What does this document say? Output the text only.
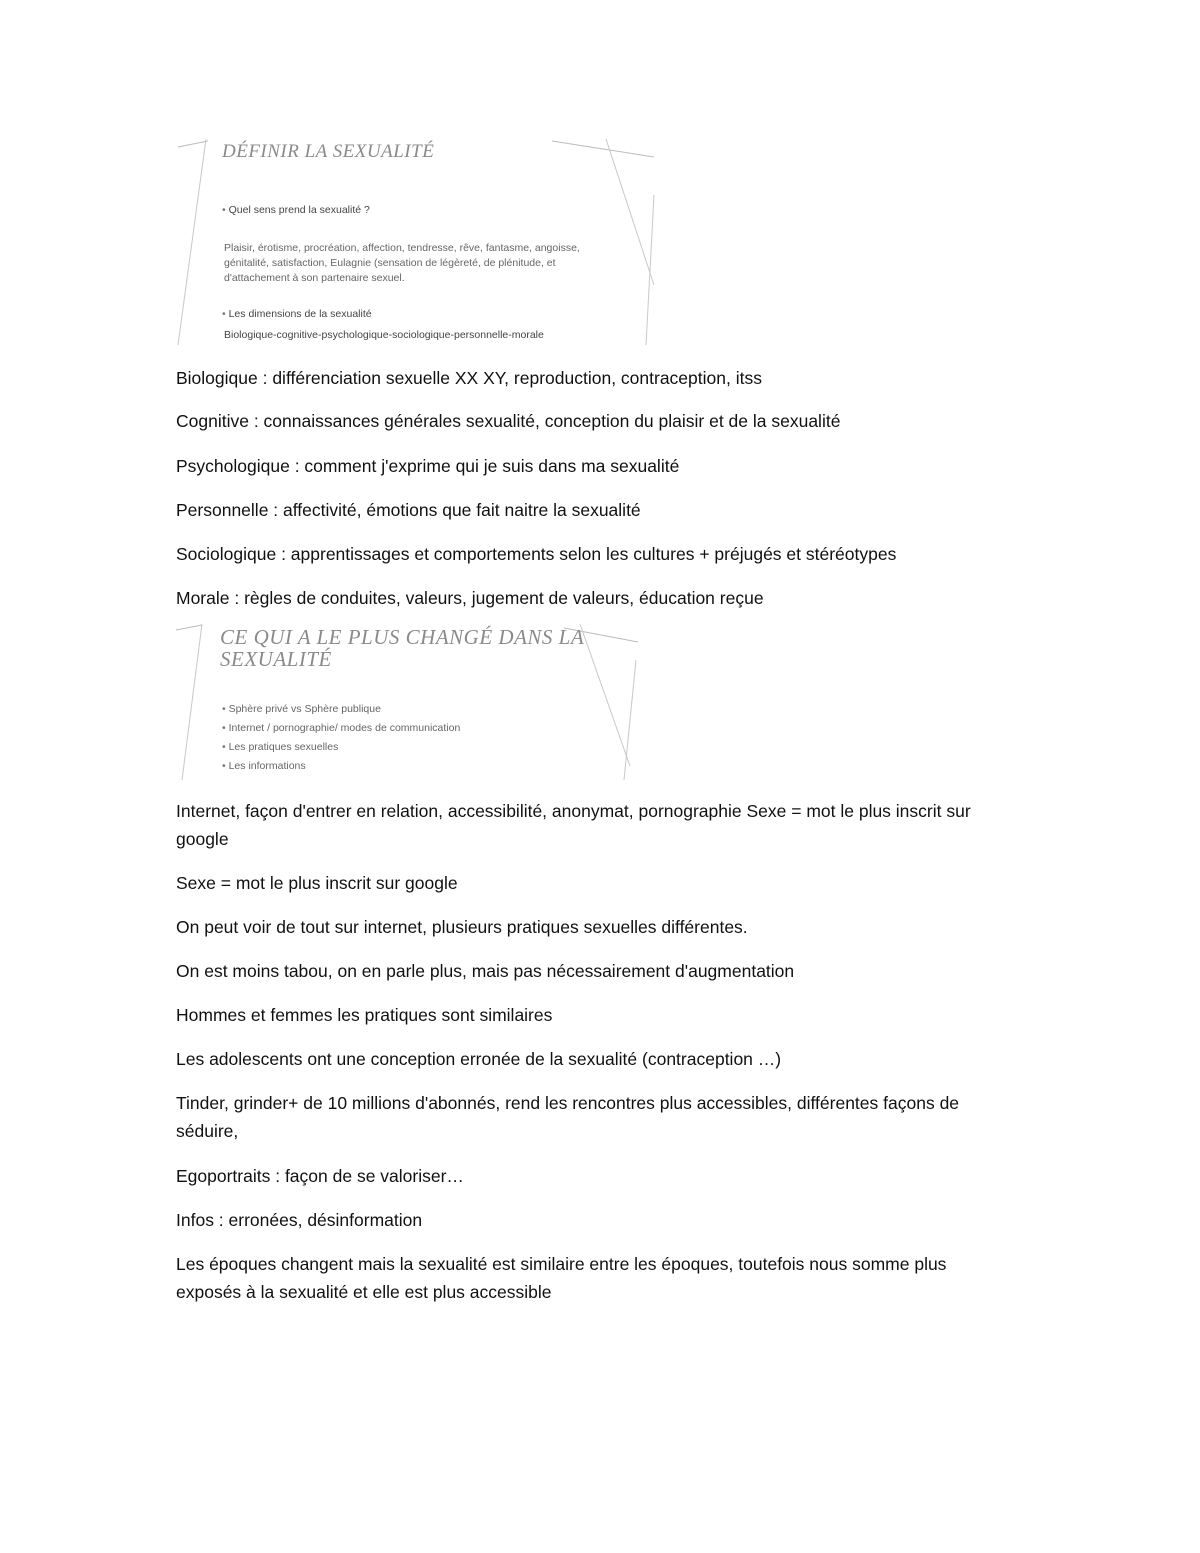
DÉFINIR LA SEXUALITÉ
• Quel sens prend la sexualité ?
Plaisir, érotisme, procréation, affection, tendresse, rêve, fantasme, angoisse, génitalité, satisfaction, Eulagnie (sensation de légèreté, de plénitude, et d'attachement à son partenaire sexuel.
• Les dimensions de la sexualité
Biologique-cognitive-psychologique-sociologique-personnelle-morale

Biologique : différenciation sexuelle XX XY, reproduction, contraception, itss

Cognitive : connaissances générales sexualité, conception du plaisir et de la sexualité

Psychologique : comment j'exprime qui je suis dans ma sexualité

Personnelle : affectivité, émotions que fait naitre la sexualité

Sociologique : apprentissages et comportements selon les cultures + préjugés et stéréotypes

Morale : règles de conduites, valeurs, jugement de valeurs, éducation reçue

CE QUI A LE PLUS CHANGÉ DANS LA SEXUALITÉ
• Sphère privé vs Sphère publique
• Internet / pornographie/ modes de communication
• Les pratiques sexuelles
• Les informations

Internet, façon d'entrer en relation, accessibilité, anonymat, pornographie Sexe = mot le plus inscrit sur google

Sexe = mot le plus inscrit sur google

On peut voir de tout sur internet, plusieurs pratiques sexuelles différentes.

On est moins tabou, on en parle plus, mais pas nécessairement d'augmentation

Hommes et femmes les pratiques sont similaires

Les adolescents ont une conception erronée de la sexualité (contraception …)

Tinder, grinder+ de 10 millions d'abonnés, rend les rencontres plus accessibles, différentes façons de séduire,

Egoportraits : façon de se valoriser…

Infos : erronées, désinformation

Les époques changent mais la sexualité est similaire entre les époques, toutefois nous somme plus exposés à la sexualité et elle est plus accessible
